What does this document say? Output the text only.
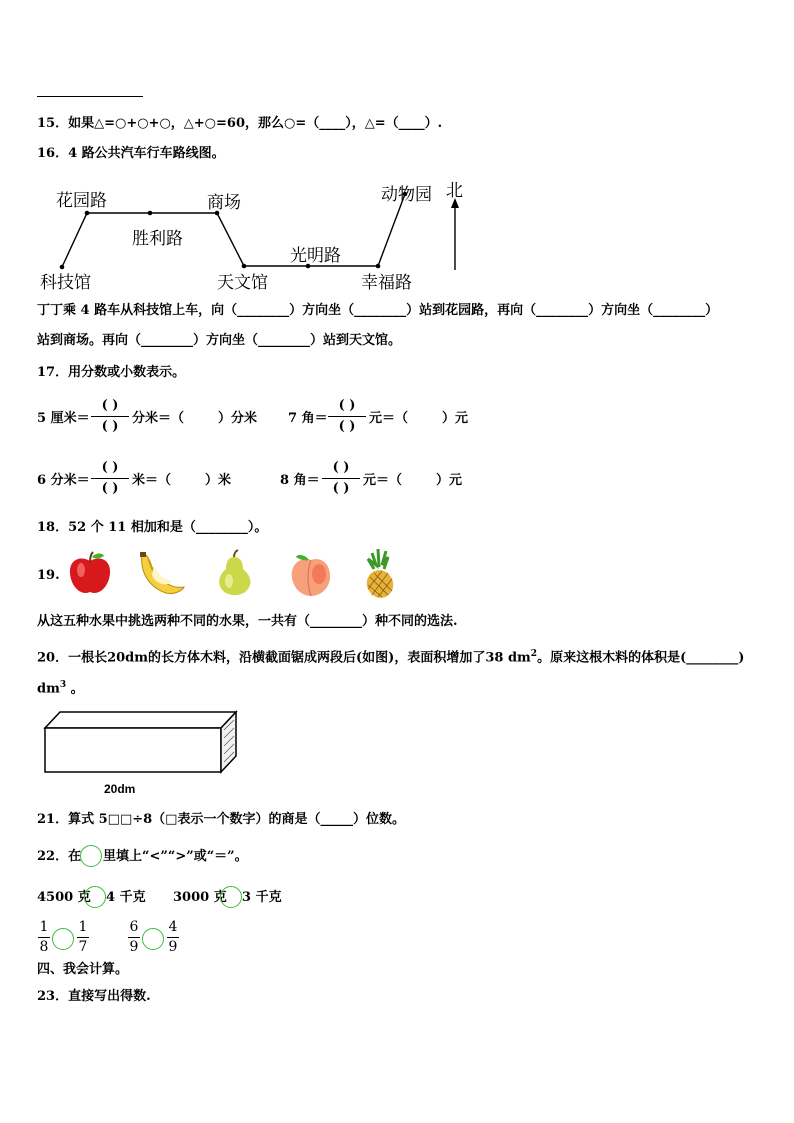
15．如果△=○+○+○，△+○=60，那么○=（____），△=（____）.
16．4 路公共汽车行车路线图。
科技馆
花园路
胜利路
商场
天文馆
光明路
幸福路
动物园 北
丁丁乘 4 路车从科技馆上车，向（________）方向坐（________）站到花园路，再向（________）方向坐（________）
站到商场。再向（________）方向坐（________）站到天文馆。
17．用分数或小数表示。
5 厘米＝
( )
( )
分米＝（	）分米 7 角＝
( )
( )
元＝（	）元
6 分米＝
( )
( )
米＝（	）米	8 角＝
( )
( )
元＝（	）元
18．52 个 11 相加和是（________）。
19.
从这五种水果中挑选两种不同的水果，一共有（________）种不同的选法.
20．一根长20dm的长方体木料，沿横截面锯成两段后(如图)，表面积增加了38 $dm^2$。原来这根木料的体积是(________)
$dm^3$ 。
20dm
21．算式 5□□÷8（□表示一个数字）的商是（_____）位数。
22．在 里填上“<”“>”或“＝”。
4500 克 4 千克 3000 克 3 千克
1
8
1
7
6
9
4
9
四、我会计算。
23．直接写出得数.
